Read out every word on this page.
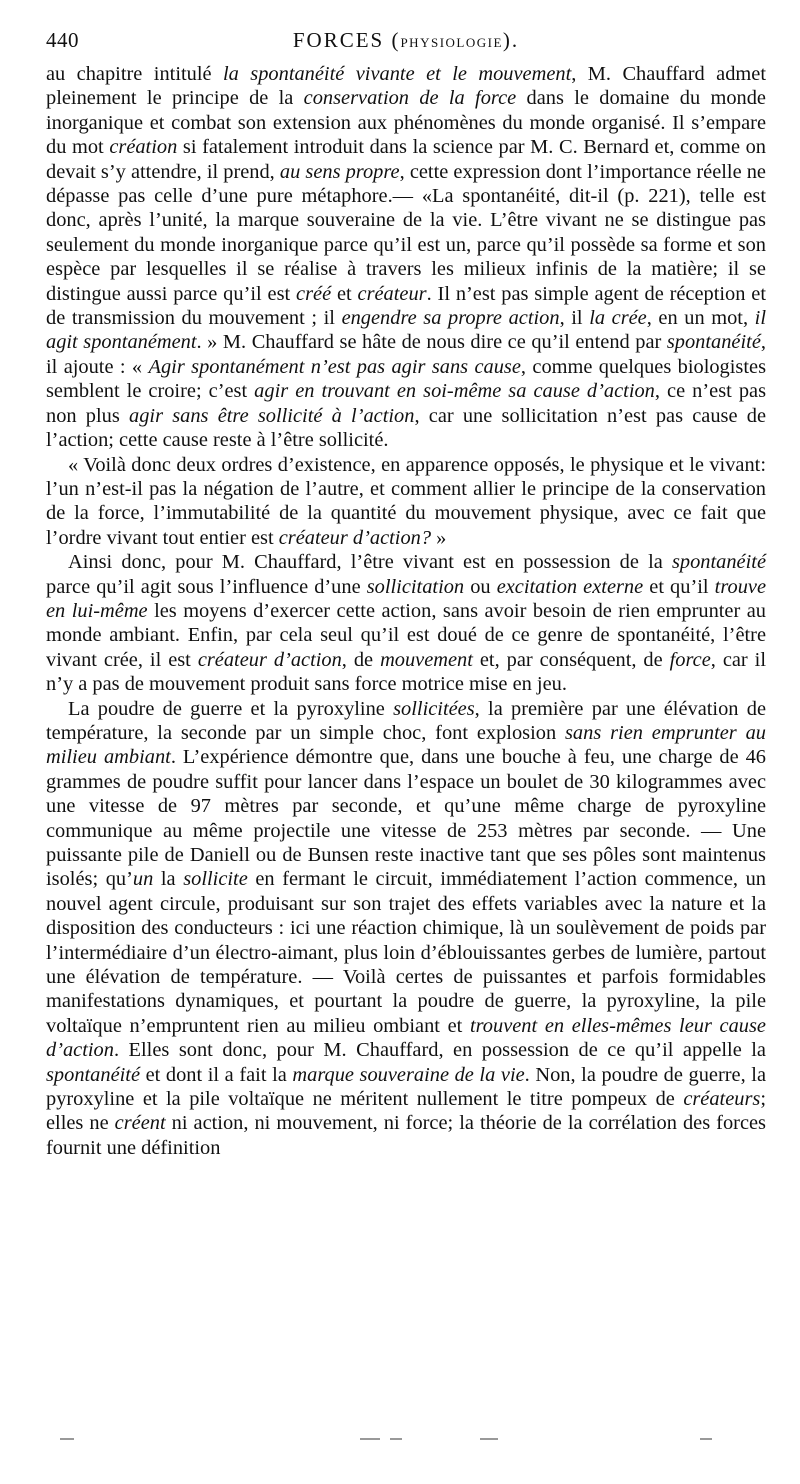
440	FORCES (PHYSIOLOGIE).

au chapitre intitulé la spontanéité vivante et le mouvement, M. Chauffard admet pleinement le principe de la conservation de la force dans le domaine du monde inorganique et combat son extension aux phénomènes du monde organisé. Il s’empare du mot création si fatalement introduit dans la science par M. C. Bernard et, comme on devait s’y attendre, il prend, au sens propre, cette expression dont l’importance réelle ne dépasse pas celle d’une pure métaphore.— «La spontanéité, dit-il (p. 221), telle est donc, après l’unité, la marque souveraine de la vie. L’être vivant ne se distingue pas seulement du monde inorganique parce qu’il est un, parce qu’il possède sa forme et son espèce par lesquelles il se réalise à travers les milieux infinis de la matière; il se distingue aussi parce qu’il est créé et créateur. Il n’est pas simple agent de réception et de transmission du mouvement ; il engendre sa propre action, il la crée, en un mot, il agit spontanément. » M. Chauffard se hâte de nous dire ce qu’il entend par spontanéité, il ajoute : « Agir spontanément n’est pas agir sans cause, comme quelques biologistes semblent le croire; c’est agir en trouvant en soi-même sa cause d’action, ce n’est pas non plus agir sans être sollicité à l’action, car une sollicitation n’est pas cause de l’action; cette cause reste à l’être sollicité.

« Voilà donc deux ordres d’existence, en apparence opposés, le physique et le vivant: l’un n’est-il pas la négation de l’autre, et comment allier le principe de la conservation de la force, l’immutabilité de la quantité du mouvement physique, avec ce fait que l’ordre vivant tout entier est créateur d’action? »

Ainsi donc, pour M. Chauffard, l’être vivant est en possession de la spontanéité parce qu’il agit sous l’influence d’une sollicitation ou excitation externe et qu’il trouve en lui-même les moyens d’exercer cette action, sans avoir besoin de rien emprunter au monde ambiant. Enfin, par cela seul qu’il est doué de ce genre de spontanéité, l’être vivant crée, il est créateur d’action, de mouvement et, par conséquent, de force, car il n’y a pas de mouvement produit sans force motrice mise en jeu.

La poudre de guerre et la pyroxyline sollicitées, la première par une élévation de température, la seconde par un simple choc, font explosion sans rien emprunter au milieu ambiant. L’expérience démontre que, dans une bouche à feu, une charge de 46 grammes de poudre suffit pour lancer dans l’espace un boulet de 30 kilogrammes avec une vitesse de 97 mètres par seconde, et qu’une même charge de pyroxyline communique au même projectile une vitesse de 253 mètres par seconde. — Une puissante pile de Daniell ou de Bunsen reste inactive tant que ses pôles sont maintenus isolés; qu’un la sollicite en fermant le circuit, immédiatement l’action commence, un nouvel agent circule, produisant sur son trajet des effets variables avec la nature et la disposition des conducteurs : ici une réaction chimique, là un soulèvement de poids par l’intermédiaire d’un électro-aimant, plus loin d’éblouissantes gerbes de lumière, partout une élévation de température. — Voilà certes de puissantes et parfois formidables manifestations dynamiques, et pourtant la poudre de guerre, la pyroxyline, la pile voltaïque n’empruntent rien au milieu ombiant et trouvent en elles-mêmes leur cause d’action. Elles sont donc, pour M. Chauffard, en possession de ce qu’il appelle la spontanéité et dont il a fait la marque souveraine de la vie. Non, la poudre de guerre, la pyroxyline et la pile voltaïque ne méritent nullement le titre pompeux de créateurs; elles ne créent ni action, ni mouvement, ni force; la théorie de la corrélation des forces fournit une définition
